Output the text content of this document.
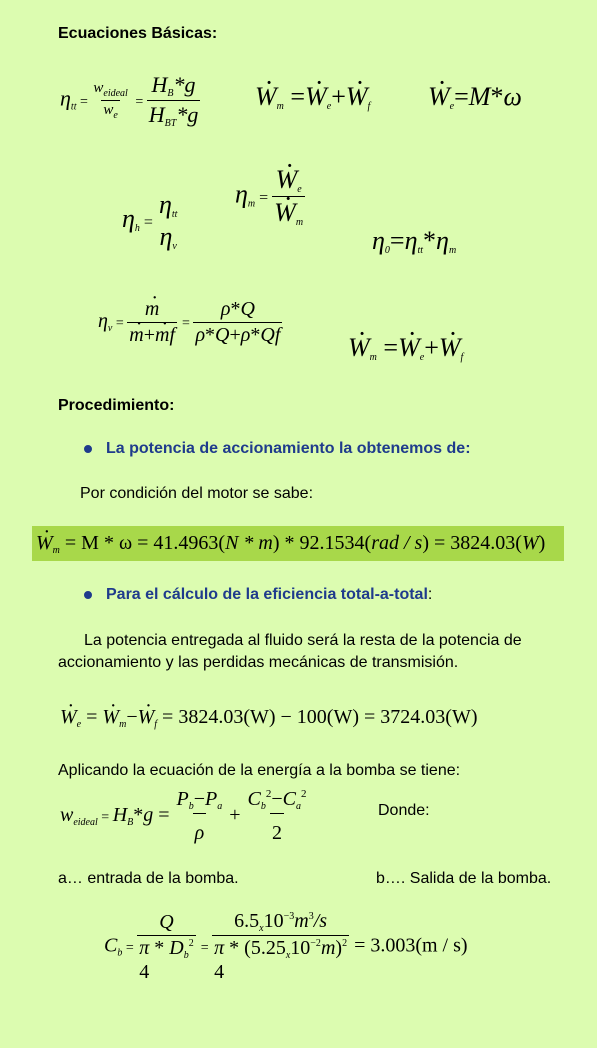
Ecuaciones Básicas:
$\eta_{tt} = \frac{w_{eideal}}{w_e} = \frac{H_B*g}{H_{BT}*g}$
· $W_m =\cdot W_e+\cdot W_f$
· $W_e=M*\omega$
$\eta_h$ =
$\eta_{tt}$
$\eta_v$
$\eta_m$ =
· $W_e$
· $W_m$
$\eta_0=\eta_{tt}*\eta_m$
$\eta_v$ =
· m
· m+· mf = $\frac{\rho*Q}{\rho*Q+\rho*Qf}$
· $W_m =\cdot W_e+\cdot W_f$
Procedimiento:
La potencia de accionamiento la obtenemos de:
Por condición del motor se sabe:
· $W_m = M * \omega = 41.4963(N * m) * 92.1534(rad / s) = 3824.03(W)$
Para el cálculo de la eficiencia total-a-total:
La potencia entregada al fluido será la resta de la potencia de accionamiento y las perdidas mecánicas de transmisión.
· $W_e$ = · $W_m-\cdot W_f = 3824.03(W) - 100(W) = 3724.03(W)$
Aplicando la ecuación de la energía a la bomba se tiene:
$w_{eideal} = H_B*g = \frac{P_b-P_a}{\rho} + \frac{C_b^2-C_a^2}{2}$	Donde:
a… entrada de la bomba.	b…. Salida de la bomba.
$C_b$ =
Q
π * $D_b^2$
4
=
$6.5_x10^{-3}m^3/s$
π * $(5.25_x10^{-2}m)^2$
4
= 3.003(m / s)
